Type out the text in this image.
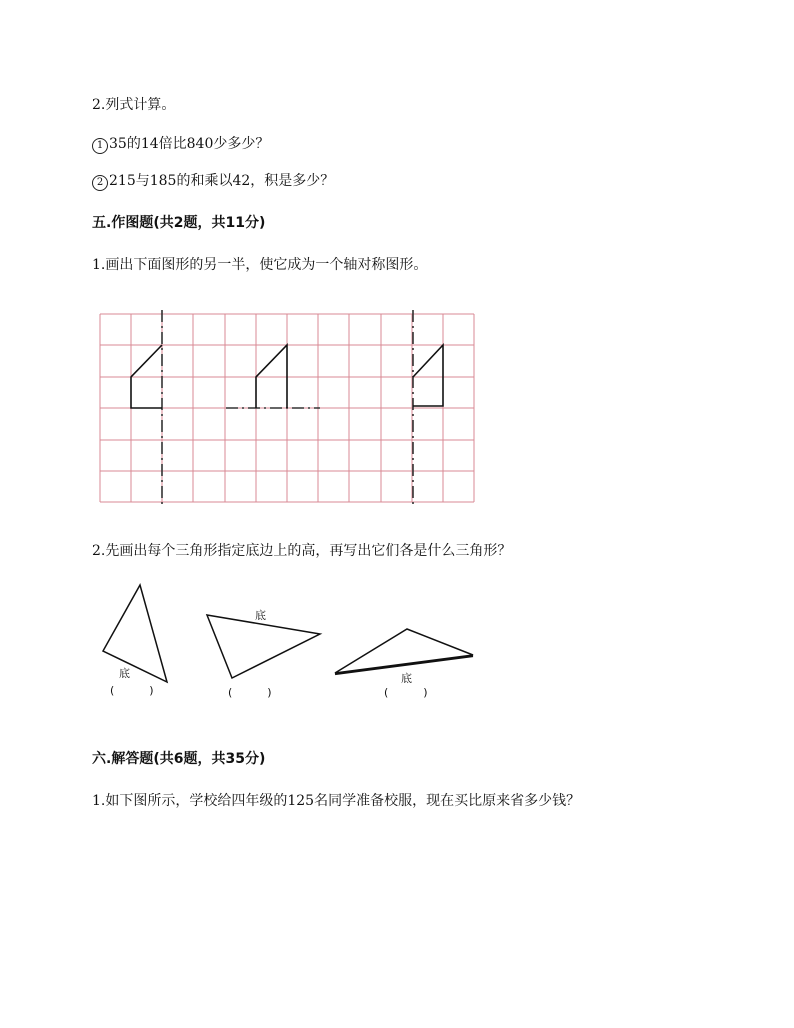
2.列式计算。
1 35的14倍比840少多少？
2 215与185的和乘以42，积是多少？
五.作图题(共2题，共11分)
1.画出下面图形的另一半，使它成为一个轴对称图形。
2.先画出每个三角形指定底边上的高，再写出它们各是什么三角形？
底
底
底
(          )	(          )	(          )
六.解答题(共6题，共35分)
1.如下图所示，学校给四年级的125名同学准备校服，现在买比原来省多少钱？
